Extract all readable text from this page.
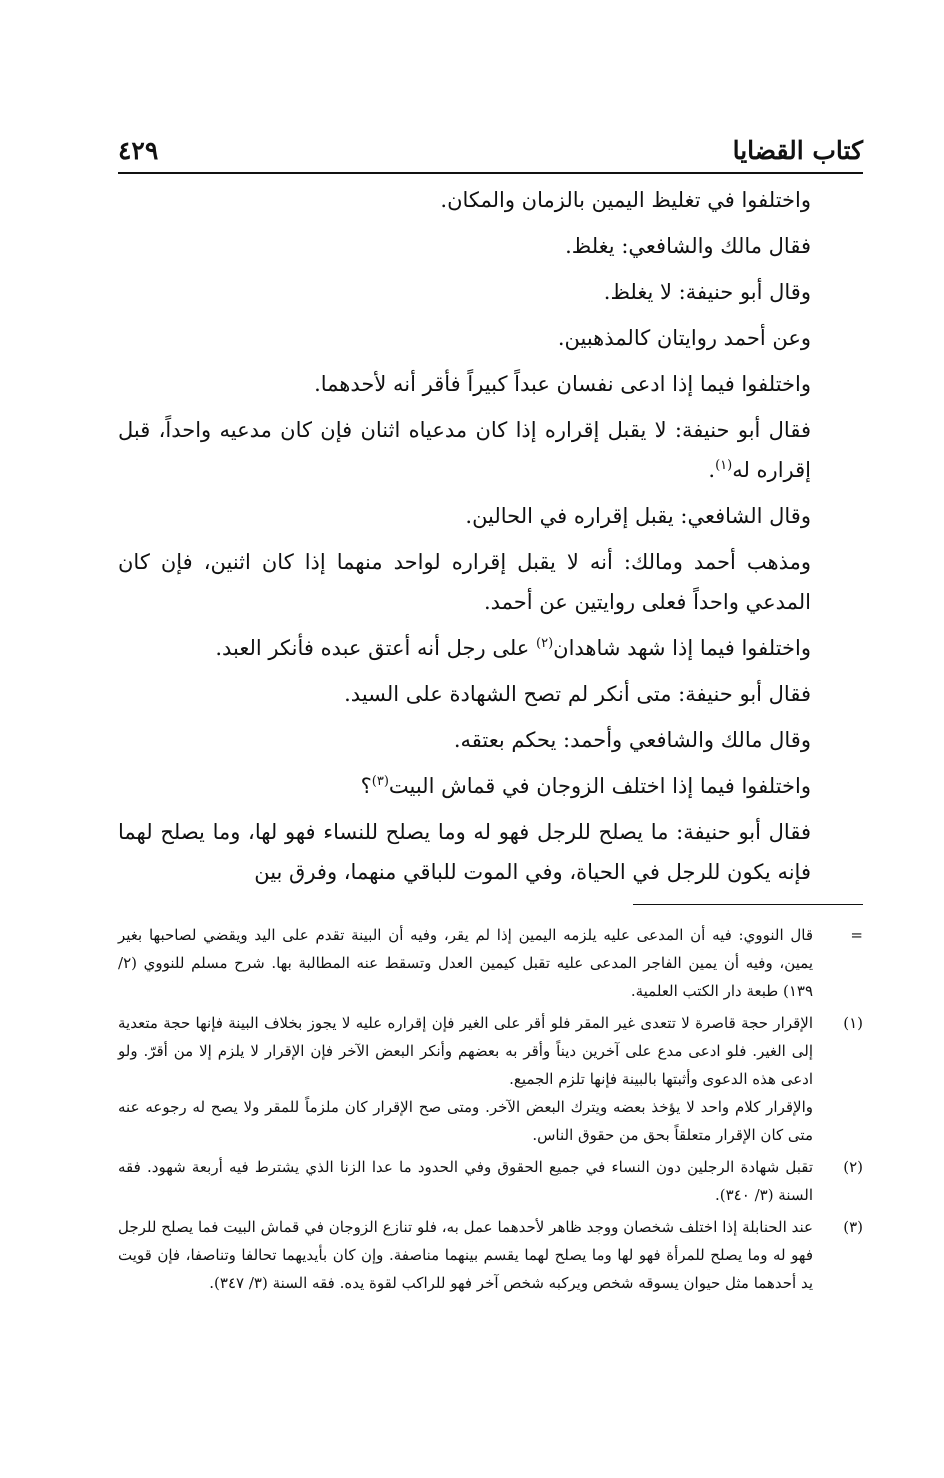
كتاب القضايا
٤٢٩

واختلفوا في تغليظ اليمين بالزمان والمكان.

فقال مالك والشافعي: يغلظ.

وقال أبو حنيفة: لا يغلظ.

وعن أحمد روايتان كالمذهبين.

واختلفوا فيما إذا ادعى نفسان عبداً كبيراً فأقر أنه لأحدهما.

فقال أبو حنيفة: لا يقبل إقراره إذا كان مدعياه اثنان فإن كان مدعيه واحداً، قبل إقراره له$^{(١)}$.

وقال الشافعي: يقبل إقراره في الحالين.

ومذهب أحمد ومالك: أنه لا يقبل إقراره لواحد منهما إذا كان اثنين، فإن كان المدعي واحداً فعلى روايتين عن أحمد.

واختلفوا فيما إذا شهد شاهدان$^{(٢)}$ على رجل أنه أعتق عبده فأنكر العبد.

فقال أبو حنيفة: متى أنكر لم تصح الشهادة على السيد.

وقال مالك والشافعي وأحمد: يحكم بعتقه.

واختلفوا فيما إذا اختلف الزوجان في قماش البيت$^{(٣)}$؟

فقال أبو حنيفة: ما يصلح للرجل فهو له وما يصلح للنساء فهو لها، وما يصلح لهما فإنه يكون للرجل في الحياة، وفي الموت للباقي منهما، وفرق بين

=

قال النووي: فيه أن المدعى عليه يلزمه اليمين إذا لم يقر، وفيه أن البينة تقدم على اليد ويقضي لصاحبها بغير يمين، وفيه أن يمين الفاجر المدعى عليه تقبل كيمين العدل وتسقط عنه المطالبة بها. شرح مسلم للنووي (٢/ ١٣٩) طبعة دار الكتب العلمية.

(١)

الإقرار حجة قاصرة لا تتعدى غير المقر فلو أقر على الغير فإن إقراره عليه لا يجوز بخلاف البينة فإنها حجة متعدية إلى الغير. فلو ادعى مدع على آخرين ديناً وأقر به بعضهم وأنكر البعض الآخر فإن الإقرار لا يلزم إلا من أقرّ. ولو ادعى هذه الدعوى وأثبتها بالبينة فإنها تلزم الجميع.

والإقرار كلام واحد لا يؤخذ بعضه ويترك البعض الآخر. ومتى صح الإقرار كان ملزماً للمقر ولا يصح له رجوعه عنه متى كان الإقرار متعلقاً بحق من حقوق الناس.

(٢)

تقبل شهادة الرجلين دون النساء في جميع الحقوق وفي الحدود ما عدا الزنا الذي يشترط فيه أربعة شهود. فقه السنة (٣/ ٣٤٠).

(٣)

عند الحنابلة إذا اختلف شخصان ووجد ظاهر لأحدهما عمل به، فلو تنازع الزوجان في قماش البيت فما يصلح للرجل فهو له وما يصلح للمرأة فهو لها وما يصلح لهما يقسم بينهما مناصفة. وإن كان بأيديهما تحالفا وتناصفا، فإن قويت يد أحدهما مثل حيوان يسوقه شخص ويركبه شخص آخر فهو للراكب لقوة يده. فقه السنة (٣/ ٣٤٧).
